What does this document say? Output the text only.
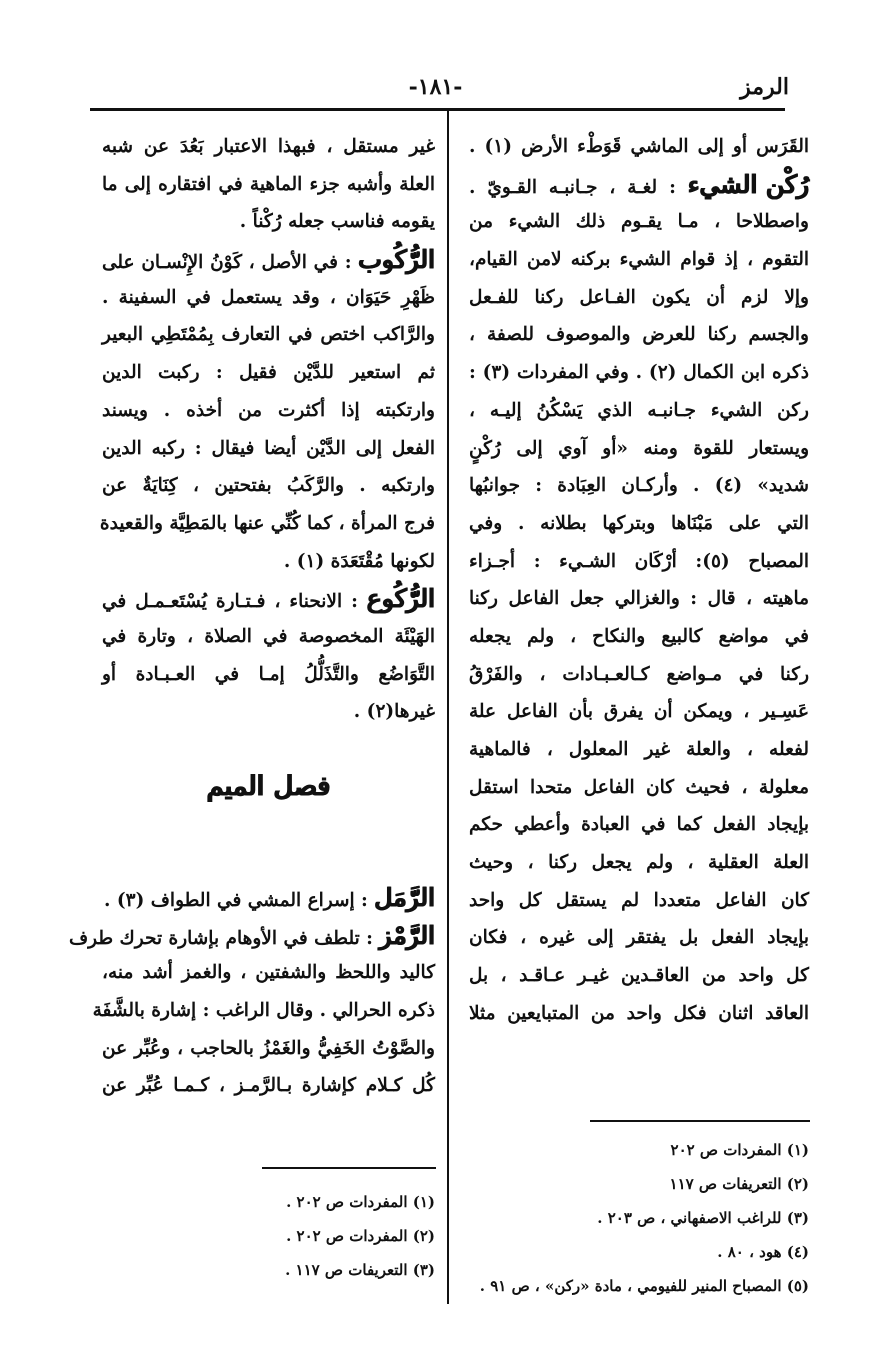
الرمز
-١٨١-
القَرَس أو إلى الماشي قَوَطْء الأرض (١) .
رُكْن الشيء : لغـة ، جـانبـه القـويّ .
واصطلاحا ، مـا يقـوم ذلك الشيء من
التقوم ، إذ قوام الشيء بركنه لامن القيام،
وإلا لزم أن يكون الفـاعل ركنا للفـعل
والجسم ركنا للعرض والموصوف للصفة ،
ذكره ابن الكمال (٢) . وفي المفردات (٣) :
ركن الشيء جـانبـه الذي يَسْكُنُ إليـه ،
ويستعار للقوة ومنه «أو آوي إلى رُكْنٍ
شديد» (٤) . وأركـان العِبَادة : جوانبُها
التي على مَبْنَاها وبتركها بطلانه . وفي
المصباح (٥): أرْكَان الشـيء : أجـزاء
ماهيته ، قال : والغزالي جعل الفاعل ركنا
في مواضع كالبيع والنكاح ، ولم يجعله
ركنا في مـواضع كـالعـبـادات ، والفَرْقُ
عَسِـير ، ويمكن أن يفرق بأن الفاعل علة
لفعله ، والعلة غير المعلول ، فالماهية
معلولة ، فحيث كان الفاعل متحدا استقل
بإيجاد الفعل كما في العبادة وأعطي حكم
العلة العقلية ، ولم يجعل ركنا ، وحيث
كان الفاعل متعددا لم يستقل كل واحد
بإيجاد الفعل بل يفتقر إلى غيره ، فكان
كل واحد من العاقـدين غيـر عـاقـد ، بل
العاقد اثنان فكل واحد من المتبايعين مثلا
غير مستقل ، فبهذا الاعتبار بَعُدَ عن شبه
العلة وأشبه جزء الماهية في افتقاره إلى ما
يقومه فناسب جعله رُكْناً .
الرُّكُوب : في الأصل ، كَوْنُ الإِنْسـان على
ظَهْرِ حَيَوَان ، وقد يستعمل في السفينة .
والرَّاكب اختص في التعارف بِمُمْتَطِي البعير
ثم استعير للدَّيْن فقيل : ركبت الدين
وارتكبته إذا أكثرت من أخذه . ويسند
الفعل إلى الدَّيْن أيضا فيقال : ركبه الدين
وارتكبه . والرَّكَبُ بفتحتين ، كِنَايَةٌ عن
فرج المرأة ، كما كُنِّي عنها بالمَطِيَّة والقعيدة
لكونها مُقْتَعَدَة (١) .
الرُّكُوع : الانحناء ، فـتـارة يُسْتَعـمـل في
الهَيْئَة المخصوصة في الصلاة ، وتارة في
التَّوَاضُع والتَّذَلُّلُ إمـا في العـبـادة أو
غيرها(٢) .
فصل الميم
الرَّمَل : إسراع المشي في الطواف (٣) .
الرَّمْز : تلطف في الأوهام بإشارة تحرك طرف
كاليد واللحظ والشفتين ، والغمز أشد منه،
ذكره الحرالي . وقال الراغب : إشارة بالشَّفَة
والصَّوْتُ الخَفِيُّ والغَمْزُ بالحاجب ، وعُبِّر عن
كُل كـلام كإشارة بـالرَّمـز ، كـمـا عُبِّر عن
(١) المفردات ص ٢٠٢
(٢) التعريفات ص ١١٧
(٣) للراغب الاصفهاني ، ص ٢٠٣ .
(٤) هود ، ٨٠ .
(٥) المصباح المنير للفيومي ، مادة «ركن» ، ص ٩١ .
(١) المفردات ص ٢٠٢ .
(٢) المفردات ص ٢٠٢ .
(٣) التعريفات ص ١١٧ .
